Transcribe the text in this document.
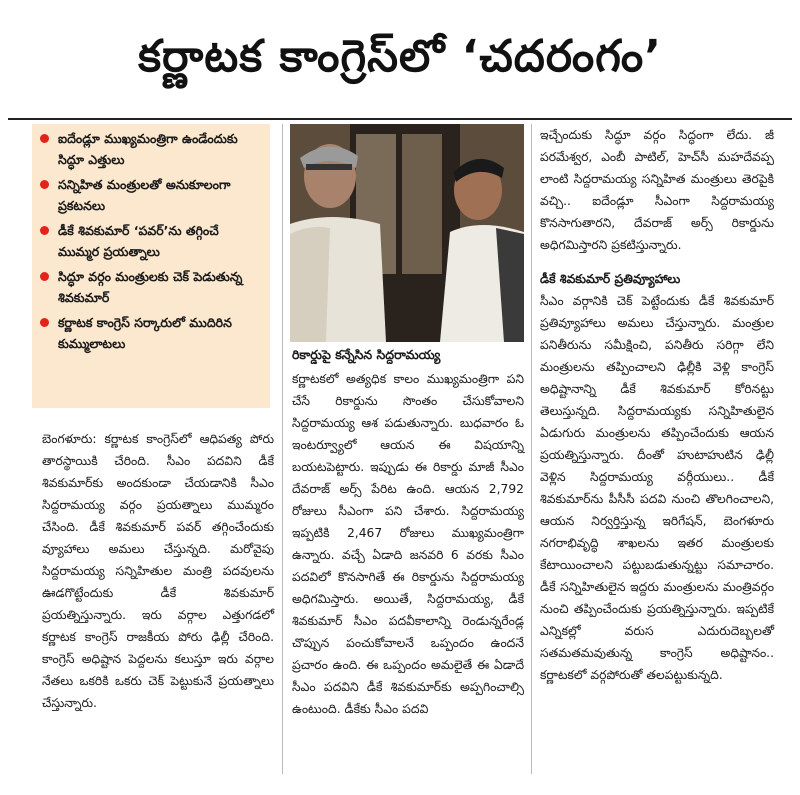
కర్ణాటక కాంగ్రెస్‌లో ‘చదరంగం’
ఐదేండ్లూ ముఖ్యమంత్రిగా ఉండేందుకు సిద్ధూ ఎత్తులు
సన్నిహిత మంత్రులతో అనుకూలంగా ప్రకటనలు
డీకే శివకుమార్ ‘పవర్’ను తగ్గించే ముమ్మర ప్రయత్నాలు
సిద్ధూ వర్గం మంత్రులకు చెక్ పెడుతున్న శివకుమార్
కర్ణాటక కాంగ్రెస్ సర్కారులో ముదిరిన కుమ్ములాటలు
రికార్డుపై కన్నేసిన సిద్దరామయ్య

బెంగళూరు: కర్ణాటక కాంగ్రెస్‌లో ఆధిపత్య పోరు తారస్థాయికి చేరింది. సీఎం పదవిని డీకే శివకుమార్‌కు అందకుండా చేయడానికి సీఎం సిద్దరామయ్య వర్గం ప్రయత్నాలు ముమ్మరం చేసింది. డీకే శివకుమార్ పవర్ తగ్గించేందుకు వ్యూహాలు అమలు చేస్తున్నది. మరోవైపు సిద్దరామయ్య సన్నిహితుల మంత్రి పదవులను ఊడగొట్టేందుకు డీకే శివకుమార్ ప్రయత్నిస్తున్నారు. ఇరు వర్గాల ఎత్తుగడలో కర్ణాటక కాంగ్రెస్ రాజకీయ పోరు ఢిల్లీ చేరింది. కాంగ్రెస్ అధిష్టాన పెద్దలను కలుస్తూ ఇరు వర్గాల నేతలు ఒకరికి ఒకరు చెక్ పెట్టుకునే ప్రయత్నాలు చేస్తున్నారు.

కర్ణాటకలో అత్యధిక కాలం ముఖ్యమంత్రిగా పని చేసే రికార్డును సొంతం చేసుకోవాలని సిద్దరామయ్య ఆశ పడుతున్నారు. బుధవారం ఓ ఇంటర్వ్యూలో ఆయన ఈ విషయాన్ని బయటపెట్టారు. ఇప్పుడు ఈ రికార్డు మాజీ సీఎం దేవరాజ్ అర్స్ పేరిట ఉంది. ఆయన 2,792 రోజులు సీఎంగా పని చేశారు. సిద్దరామయ్య ఇప్పటికి 2,467 రోజులు ముఖ్యమంత్రిగా ఉన్నారు. వచ్చే ఏడాది జనవరి 6 వరకు సీఎం పదవిలో కొనసాగితే ఈ రికార్డును సిద్దరామయ్య అధిగమిస్తారు. అయితే, సిద్దరామయ్య, డీకే శివకుమార్ సీఎం పదవీకాలాన్ని రెండున్నరేండ్ల చొప్పున పంచుకోవాలనే ఒప్పందం ఉందనే ప్రచారం ఉంది. ఈ ఒప్పందం అమలైతే ఈ ఏడాదే సీఎం పదవిని డీకే శివకుమార్‌కు అప్పగించాల్సి ఉంటుంది. డీకేకు సీఎం పదవి

ఇచ్చేందుకు సిద్ధూ వర్గం సిద్ధంగా లేదు. జీ పరమేశ్వర, ఎంబీ పాటిల్, హెచ్‌సీ మహదేవప్ప లాంటి సిద్దరామయ్య సన్నిహిత మంత్రులు తెరపైకి వచ్చి.. ఐదేండ్లూ సీఎంగా సిద్దరామయ్య కొనసాగుతారని, దేవరాజ్ అర్స్ రికార్డును అధిగమిస్తారని ప్రకటిస్తున్నారు.

డీకే శివకుమార్ ప్రతివ్యూహాలు

సీఎం వర్గానికి చెక్ పెట్టేందుకు డీకే శివకుమార్ ప్రతివ్యూహాలు అమలు చేస్తున్నారు. మంత్రుల పనితీరును సమీక్షించి, పనితీరు సరిగ్గా లేని మంత్రులను తప్పించాలని ఢిల్లీకి వెళ్లి కాంగ్రెస్ అధిష్టానాన్ని డీకే శివకుమార్ కోరినట్టు తెలుస్తున్నది. సిద్దరామయ్యకు సన్నిహితులైన ఏడుగురు మంత్రులను తప్పించేందుకు ఆయన ప్రయత్నిస్తున్నారు. దీంతో హుటాహుటిన ఢిల్లీ వెళ్లిన సిద్దరామయ్య వర్గీయులు.. డీకే శివకుమార్‌ను పీసీసీ పదవి నుంచి తొలగించాలని, ఆయన నిర్వర్తిస్తున్న ఇరిగేషన్, బెంగళూరు నగరాభివృద్ధి శాఖలను ఇతర మంత్రులకు కేటాయించాలని పట్టుబడుతున్నట్టు సమాచారం. డీకే సన్నిహితులైన ఇద్దరు మంత్రులను మంత్రివర్గం నుంచి తప్పించేందుకు ప్రయత్నిస్తున్నారు. ఇప్పటికే ఎన్నికల్లో వరుస ఎదురుదెబ్బలతో సతమతమవుతున్న కాంగ్రెస్ అధిష్టానం.. కర్ణాటకలో వర్గపోరుతో తలపట్టుకున్నది.
